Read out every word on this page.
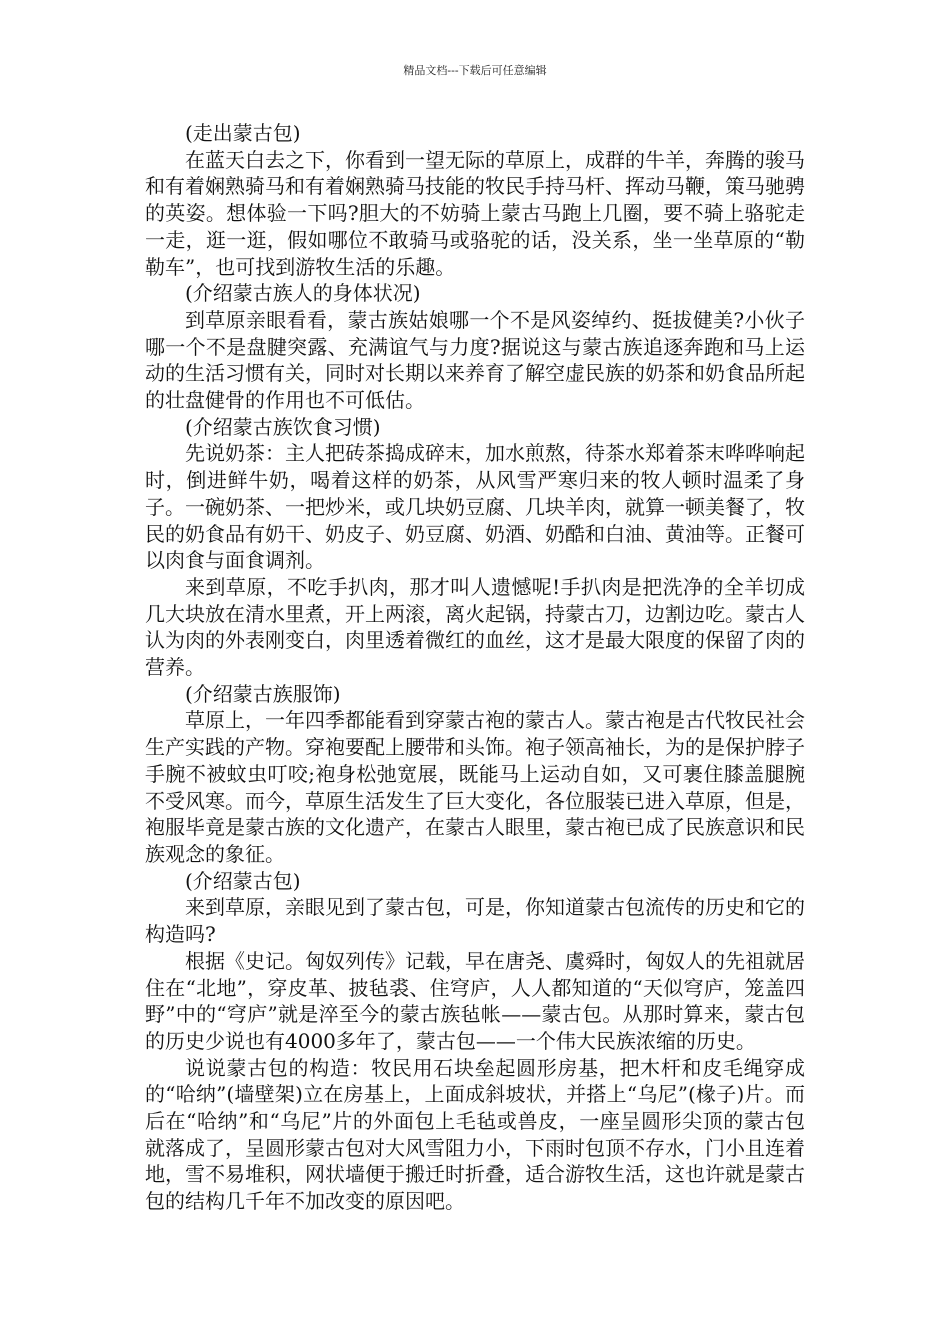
精品文档---下载后可任意编辑

(走出蒙古包)

在蓝天白去之下，你看到一望无际的草原上，成群的牛羊，奔腾的骏马和有着娴熟骑马和有着娴熟骑马技能的牧民手持马杆、挥动马鞭，策马驰骋的英姿。想体验一下吗?胆大的不妨骑上蒙古马跑上几圈，要不骑上骆驼走一走，逛一逛，假如哪位不敢骑马或骆驼的话，没关系，坐一坐草原的“勒勒车”，也可找到游牧生活的乐趣。

(介绍蒙古族人的身体状况)

到草原亲眼看看，蒙古族姑娘哪一个不是风姿绰约、挺拔健美?小伙子哪一个不是盘腱突露、充满谊气与力度?据说这与蒙古族追逐奔跑和马上运动的生活习惯有关，同时对长期以来养育了解空虚民族的奶茶和奶食品所起的壮盘健骨的作用也不可低估。

(介绍蒙古族饮食习惯)

先说奶茶：主人把砖茶捣成碎末，加水煎熬，待茶水郑着茶末哗哗响起时，倒进鲜牛奶，喝着这样的奶茶，从风雪严寒归来的牧人顿时温柔了身子。一碗奶茶、一把炒米，或几块奶豆腐、几块羊肉，就算一顿美餐了，牧民的奶食品有奶干、奶皮子、奶豆腐、奶酒、奶酷和白油、黄油等。正餐可以肉食与面食调剂。

来到草原，不吃手扒肉，那才叫人遗憾呢!手扒肉是把洗净的全羊切成几大块放在清水里煮，开上两滚，离火起锅，持蒙古刀，边割边吃。蒙古人认为肉的外表刚变白，肉里透着微红的血丝，这才是最大限度的保留了肉的营养。

(介绍蒙古族服饰)

草原上，一年四季都能看到穿蒙古袍的蒙古人。蒙古袍是古代牧民社会生产实践的产物。穿袍要配上腰带和头饰。袍子领高袖长，为的是保护脖子手腕不被蚊虫叮咬;袍身松弛宽展，既能马上运动自如，又可裹住膝盖腿腕不受风寒。而今，草原生活发生了巨大变化，各位服装已进入草原，但是，袍服毕竟是蒙古族的文化遗产，在蒙古人眼里，蒙古袍已成了民族意识和民族观念的象征。

(介绍蒙古包)

来到草原，亲眼见到了蒙古包，可是，你知道蒙古包流传的历史和它的构造吗?

根据《史记。匈奴列传》记载，早在唐尧、虞舜时，匈奴人的先祖就居住在“北地”，穿皮革、披毡裘、住穹庐，人人都知道的“天似穹庐，笼盖四野”中的“穹庐”就是淬至今的蒙古族毡帐——蒙古包。从那时算来，蒙古包的历史少说也有4000多年了，蒙古包——一个伟大民族浓缩的历史。

说说蒙古包的构造：牧民用石块垒起圆形房基，把木杆和皮毛绳穿成的“哈纳”(墙壁架)立在房基上，上面成斜坡状，并搭上“乌尼”(椽子)片。而后在“哈纳”和“乌尼”片的外面包上毛毡或兽皮，一座呈圆形尖顶的蒙古包就落成了，呈圆形蒙古包对大风雪阻力小，下雨时包顶不存水，门小且连着地，雪不易堆积，网状墙便于搬迁时折叠，适合游牧生活，这也许就是蒙古包的结构几千年不加改变的原因吧。
